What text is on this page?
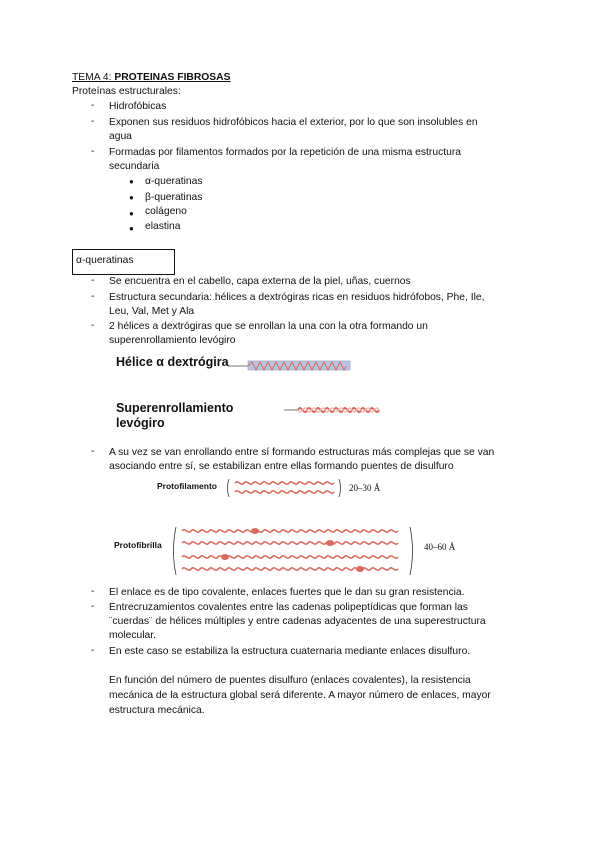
TEMA 4: PROTEINAS FIBROSAS
Proteínas estructurales:
-	Hidrofóbicas
-	Exponen sus residuos hidrofóbicos hacia el exterior, por lo que son insolubles en
agua
-	Formadas por filamentos formados por la repetición de una misma estructura
secundaria
● α-queratinas
● β-queratinas
● colágeno
● elastina
α-queratinas
-	Se encuentra en el cabello, capa externa de la piel, uñas, cuernos
-	Estructura secundaria: hélices a dextrógiras ricas en residuos hidrófobos, Phe, Ile,
Leu, Val, Met y Ala
-	2 hélices a dextrógiras que se enrollan la una con la otra formando un
superenrollamiento levógiro
Hélice α dextrógira
Superenrollamiento
levógiro
-	A su vez se van enrollando entre sí formando estructuras más complejas que se van
asociando entre sí, se estabilizan entre ellas formando puentes de disulfuro
Protofilamento	20–30 Å
Protofibrilla	40–60 Å
-	El enlace es de tipo covalente, enlaces fuertes que le dan su gran resistencia.
-	Entrecruzamientos covalentes entre las cadenas polipeptídicas que forman las
¨cuerdas¨ de hélices múltiples y entre cadenas adyacentes de una superestructura
molecular.
-	En este caso se estabiliza la estructura cuaternaria mediante enlaces disulfuro.
En función del número de puentes disulfuro (enlaces covalentes), la resistencia
mecánica de la estructura global será diferente. A mayor número de enlaces, mayor
estructura mecánica.
